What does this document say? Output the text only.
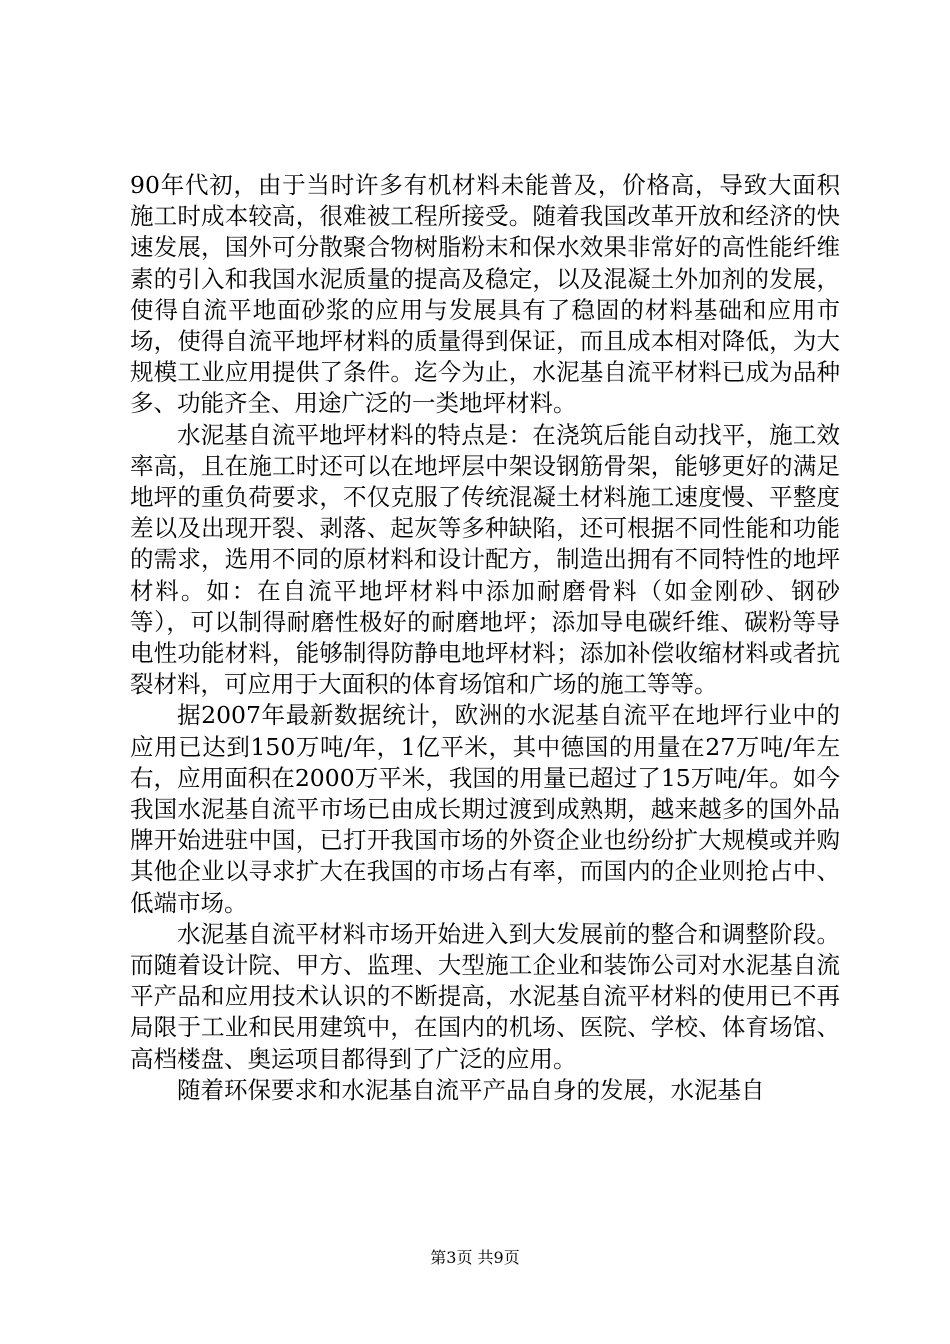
90年代初，由于当时许多有机材料未能普及，价格高，导致大面积施工时成本较高，很难被工程所接受。随着我国改革开放和经济的快速发展，国外可分散聚合物树脂粉末和保水效果非常好的高性能纤维素的引入和我国水泥质量的提高及稳定，以及混凝土外加剂的发展，使得自流平地面砂浆的应用与发展具有了稳固的材料基础和应用市场，使得自流平地坪材料的质量得到保证，而且成本相对降低，为大规模工业应用提供了条件。迄今为止，水泥基自流平材料已成为品种多、功能齐全、用途广泛的一类地坪材料。

水泥基自流平地坪材料的特点是：在浇筑后能自动找平，施工效率高，且在施工时还可以在地坪层中架设钢筋骨架，能够更好的满足地坪的重负荷要求，不仅克服了传统混凝土材料施工速度慢、平整度差以及出现开裂、剥落、起灰等多种缺陷，还可根据不同性能和功能的需求，选用不同的原材料和设计配方，制造出拥有不同特性的地坪材料。如：在自流平地坪材料中添加耐磨骨料（如金刚砂、钢砂等），可以制得耐磨性极好的耐磨地坪；添加导电碳纤维、碳粉等导电性功能材料，能够制得防静电地坪材料；添加补偿收缩材料或者抗裂材料，可应用于大面积的体育场馆和广场的施工等等。

据2007年最新数据统计，欧洲的水泥基自流平在地坪行业中的应用已达到150万吨/年，1亿平米，其中德国的用量在27万吨/年左右，应用面积在2000万平米，我国的用量已超过了15万吨/年。如今我国水泥基自流平市场已由成长期过渡到成熟期，越来越多的国外品牌开始进驻中国，已打开我国市场的外资企业也纷纷扩大规模或并购其他企业以寻求扩大在我国的市场占有率，而国内的企业则抢占中、低端市场。

水泥基自流平材料市场开始进入到大发展前的整合和调整阶段。而随着设计院、甲方、监理、大型施工企业和装饰公司对水泥基自流平产品和应用技术认识的不断提高，水泥基自流平材料的使用已不再局限于工业和民用建筑中，在国内的机场、医院、学校、体育场馆、高档楼盘、奥运项目都得到了广泛的应用。

随着环保要求和水泥基自流平产品自身的发展，水泥基自

第3页 共9页
